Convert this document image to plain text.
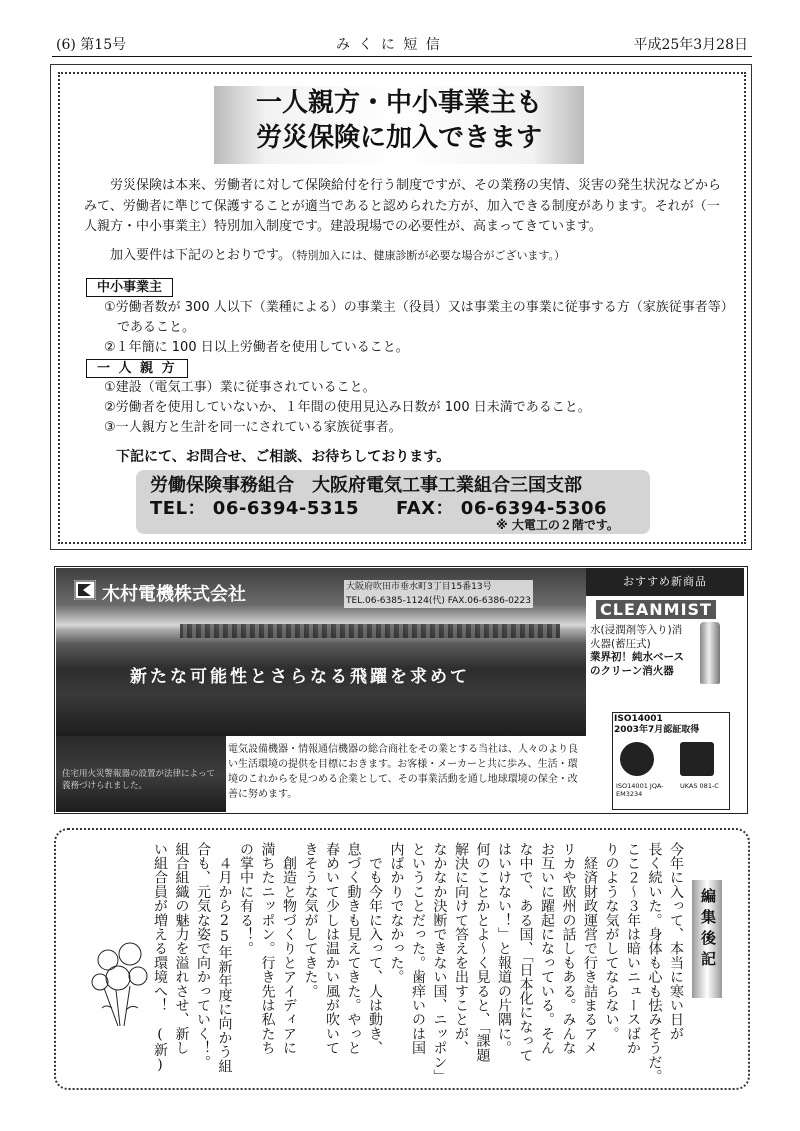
(6) 第15号	み く に 短 信	平成25年3月28日
一人親方・中小事業主も
労災保険に加入できます
労災保険は本来、労働者に対して保険給付を行う制度ですが、その業務の実情、災害の発生状況などからみて、労働者に準じて保護することが適当であると認められた方が、加入できる制度があります。それが（一人親方・中小事業主）特別加入制度です。建設現場での必要性が、高まってきています。
加入要件は下記のとおりです。（特別加入には、健康診断が必要な場合がございます。）
中小事業主
①労働者数が 300 人以下（業種による）の事業主（役員）又は事業主の事業に従事する方（家族従事者等）であること。
②１年簡に 100 日以上労働者を使用していること。
一 人 親 方
①建設（電気工事）業に従事されていること。
②労働者を使用していないか、１年間の使用見込み日数が 100 日未満であること。
③一人親方と生計を同一にされている家族従事者。
下記にて、お問合せ、ご相談、お待ちしております。
労働保険事務組合　大阪府電気工事工業組合三国支部
TEL： 06-6394-5315　　FAX： 06-6394-5306
※ 大電工の２階です。
木村電機株式会社	大阪府吹田市垂水町3丁目15番13号
TEL.06-6385-1124(代) FAX.06-6386-0223
新たな可能性とさらなる飛躍を求めて
住宅用火災警報器の設置が法律によって義務づけられました。
電気設備機器・情報通信機器の総合商社をその業とする当社は、人々のより良い生活環境の提供を目標におきます。お客様・メーカーと共に歩み、生活・環境のこれからを見つめる企業として、その事業活動を通し地球環境の保全・改善に努めます。
おすすめ新商品
CLEANMIST
水(浸潤剤等入り)消火器(蓄圧式)
業界初！純水ベースのクリーン消火器
ISO14001
2003年7月認証取得
ISO14001 JQA-EM3234
UKAS 081-C
編集後記
今年に入って、本当に寒い日が
長く続いた。身体も心も怯みそうだ。
ここ２〜３年は暗いニュースばか
りのような気がしてならない。
　経済財政運営で行き詰まるアメ
リカや欧州の話しもある。みんな
お互いに躍起になっている。そん
な中で、ある国、「日本化になって
はいけない！」と報道の片隅に。
何のことかとよ〜く見ると、「課題
解決に向けて答えを出すことが、
なかなか決断できない国、ニッポン」
ということだった。歯痒いのは国
内ばかりでなかった。
　でも今年に入って、人は動き、
息づく動きも見えてきた。やっと
春めいて少しは温かい風が吹いて
きそうな気がしてきた。
　創造と物づくりとアイディアに
満ちたニッポン。行き先は私たち
の掌中に有る！。
　４月から25年新年度に向かう組
合も、元気な姿で向かっていく！。
組合組織の魅力を溢れさせ、新し
い組合員が増える環境へ！　(新)
